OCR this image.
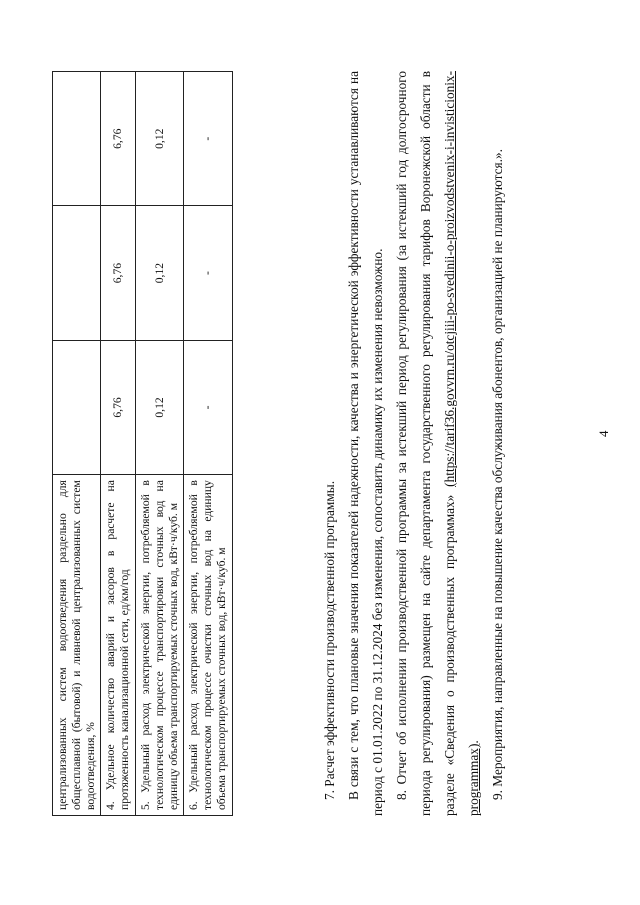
4
централизованных систем водоотведения раздельно для общесплавной (бытовой) и ливневой централизованных систем водоотведения, %			
4. Удельное количество аварий и засоров в расчете на протяженность канализационной сети, ед/км/год	6,76	6,76	6,76
5. Удельный расход электрической энергии, потребляемой в технологическом процессе транспортировки сточных вод на единицу объема транспортируемых сточных вод, кВт·ч/куб. м	0,12	0,12	0,12
6. Удельный расход электрической энергии, потребляемой в технологическом процессе очистки сточных вод на единицу объема транспортируемых сточных вод, кВт·ч/куб. м	-	-	-

7. Расчет эффективности производственной программы. В связи с тем, что плановые значения показателей надежности, качества и энергетической эффективности устанавливаются на период с 01.01.2022 по 31.12.2024 без изменения, сопоставить динамику их изменения невозможно. 8. Отчет об исполнении производственной программы за истекший период регулирования (за истекший год долгосрочного периода регулирования) размещен на сайте департамента государственного регулирования тарифов Воронежской области в разделе «Сведения о производственных программах» (https://tarif36.govvrn.ru/otcjiii-po-svedinii-o-proizvodstvenix-i-invisticionix-programmax). 9. Мероприятия, направленные на повышение качества обслуживания абонентов, организацией не планируются.».
